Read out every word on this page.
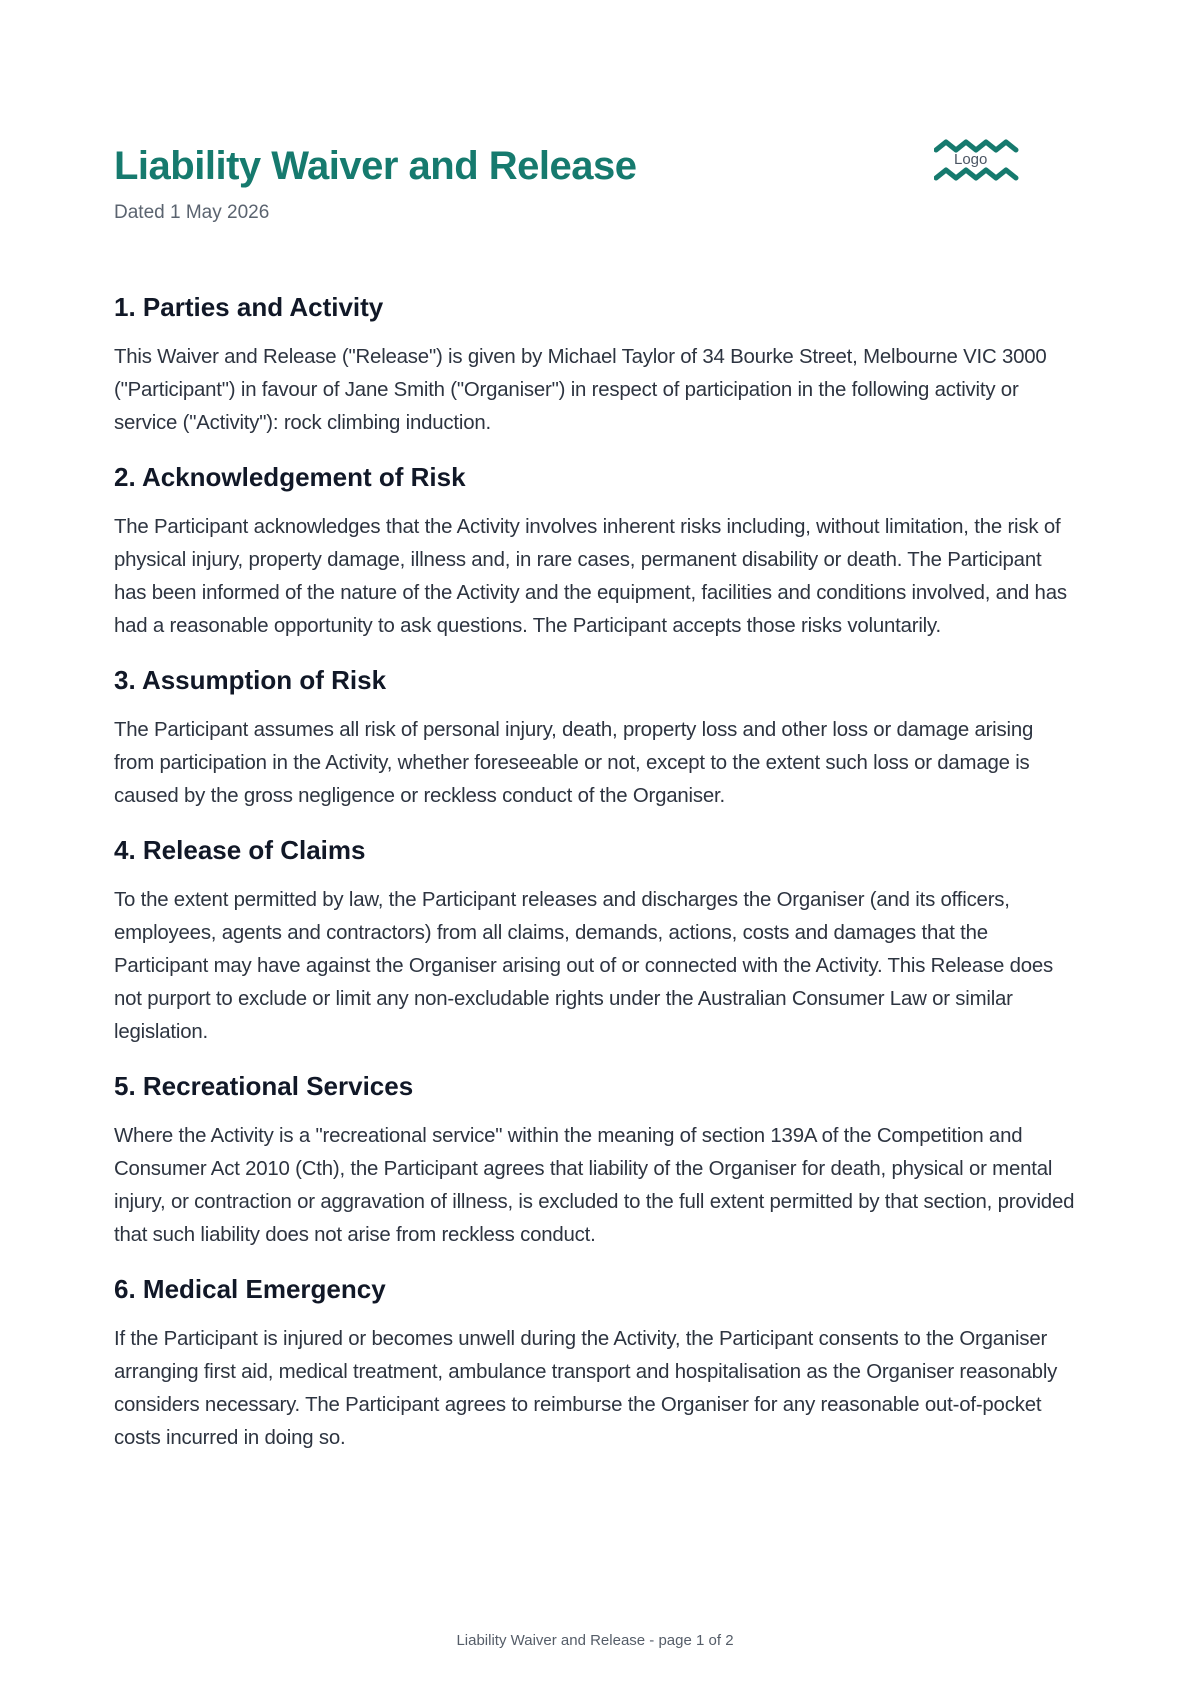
Liability Waiver and Release
Dated 1 May 2026
Logo
1. Parties and Activity

This Waiver and Release ("Release") is given by Michael Taylor of 34 Bourke Street, Melbourne VIC 3000 ("Participant") in favour of Jane Smith ("Organiser") in respect of participation in the following activity or service ("Activity"): rock climbing induction.

2. Acknowledgement of Risk

The Participant acknowledges that the Activity involves inherent risks including, without limitation, the risk of physical injury, property damage, illness and, in rare cases, permanent disability or death. The Participant has been informed of the nature of the Activity and the equipment, facilities and conditions involved, and has had a reasonable opportunity to ask questions. The Participant accepts those risks voluntarily.

3. Assumption of Risk

The Participant assumes all risk of personal injury, death, property loss and other loss or damage arising from participation in the Activity, whether foreseeable or not, except to the extent such loss or damage is caused by the gross negligence or reckless conduct of the Organiser.

4. Release of Claims

To the extent permitted by law, the Participant releases and discharges the Organiser (and its officers, employees, agents and contractors) from all claims, demands, actions, costs and damages that the Participant may have against the Organiser arising out of or connected with the Activity. This Release does not purport to exclude or limit any non-excludable rights under the Australian Consumer Law or similar legislation.

5. Recreational Services

Where the Activity is a "recreational service" within the meaning of section 139A of the Competition and Consumer Act 2010 (Cth), the Participant agrees that liability of the Organiser for death, physical or mental injury, or contraction or aggravation of illness, is excluded to the full extent permitted by that section, provided that such liability does not arise from reckless conduct.

6. Medical Emergency

If the Participant is injured or becomes unwell during the Activity, the Participant consents to the Organiser arranging first aid, medical treatment, ambulance transport and hospitalisation as the Organiser reasonably considers necessary. The Participant agrees to reimburse the Organiser for any reasonable out-of-pocket costs incurred in doing so.

Liability Waiver and Release - page 1 of 2
